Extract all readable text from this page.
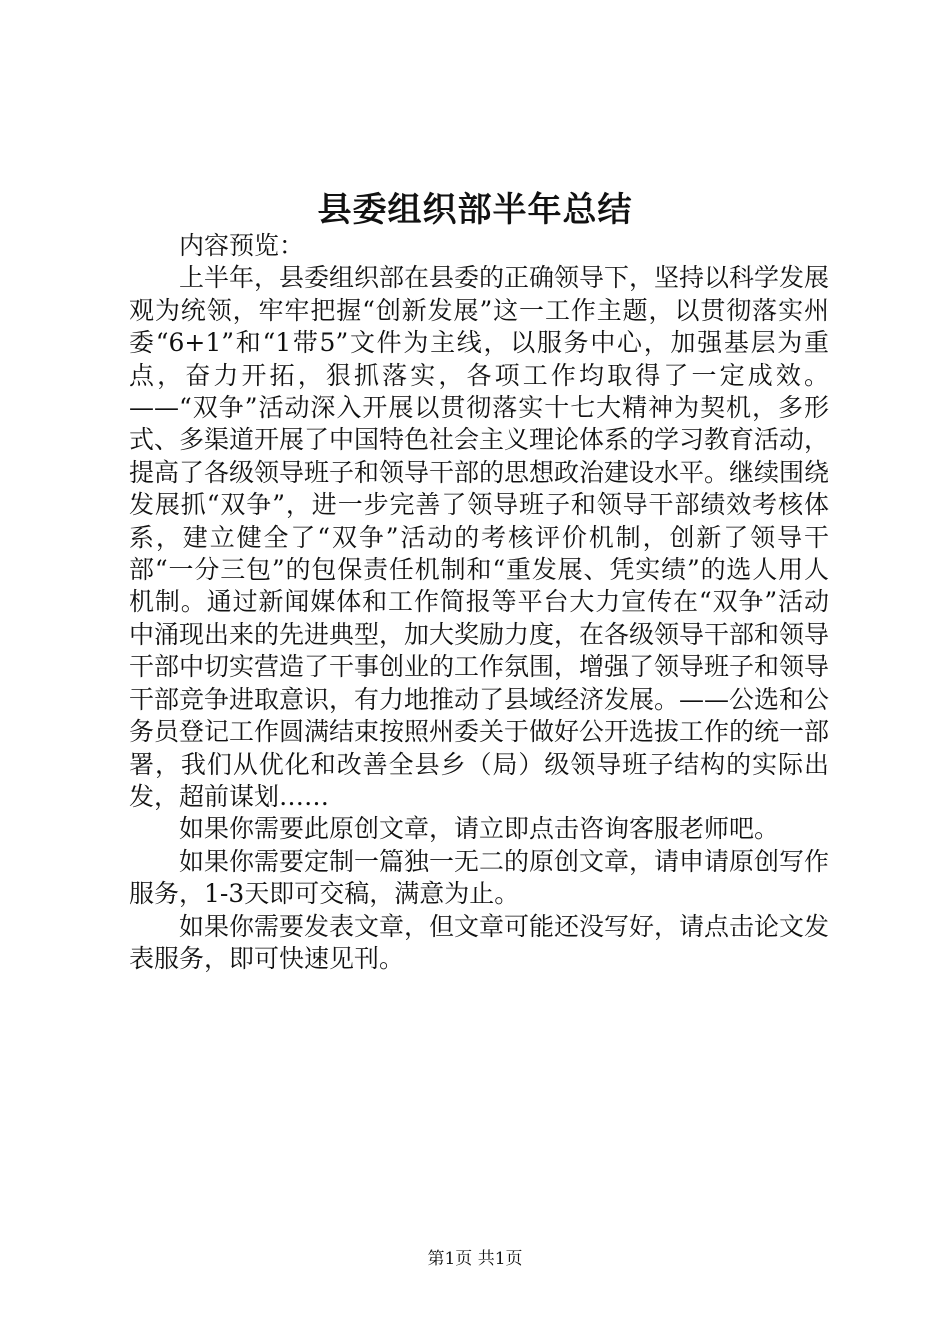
县委组织部半年总结

内容预览：

上半年，县委组织部在县委的正确领导下，坚持以科学发展观为统领，牢牢把握“创新发展”这一工作主题，以贯彻落实州委“6+1”和“1带5”文件为主线，以服务中心，加强基层为重点，奋力开拓，狠抓落实，各项工作均取得了一定成效。——“双争”活动深入开展以贯彻落实十七大精神为契机，多形式、多渠道开展了中国特色社会主义理论体系的学习教育活动，提高了各级领导班子和领导干部的思想政治建设水平。继续围绕发展抓“双争”，进一步完善了领导班子和领导干部绩效考核体系，建立健全了“双争”活动的考核评价机制，创新了领导干部“一分三包”的包保责任机制和“重发展、凭实绩”的选人用人机制。通过新闻媒体和工作简报等平台大力宣传在“双争”活动中涌现出来的先进典型，加大奖励力度，在各级领导干部和领导干部中切实营造了干事创业的工作氛围，增强了领导班子和领导干部竞争进取意识，有力地推动了县域经济发展。——公选和公务员登记工作圆满结束按照州委关于做好公开选拔工作的统一部署，我们从优化和改善全县乡（局）级领导班子结构的实际出发，超前谋划……

如果你需要此原创文章，请立即点击咨询客服老师吧。

如果你需要定制一篇独一无二的原创文章，请申请原创写作服务，1-3天即可交稿，满意为止。

如果你需要发表文章，但文章可能还没写好，请点击论文发表服务，即可快速见刊。

第1页 共1页
